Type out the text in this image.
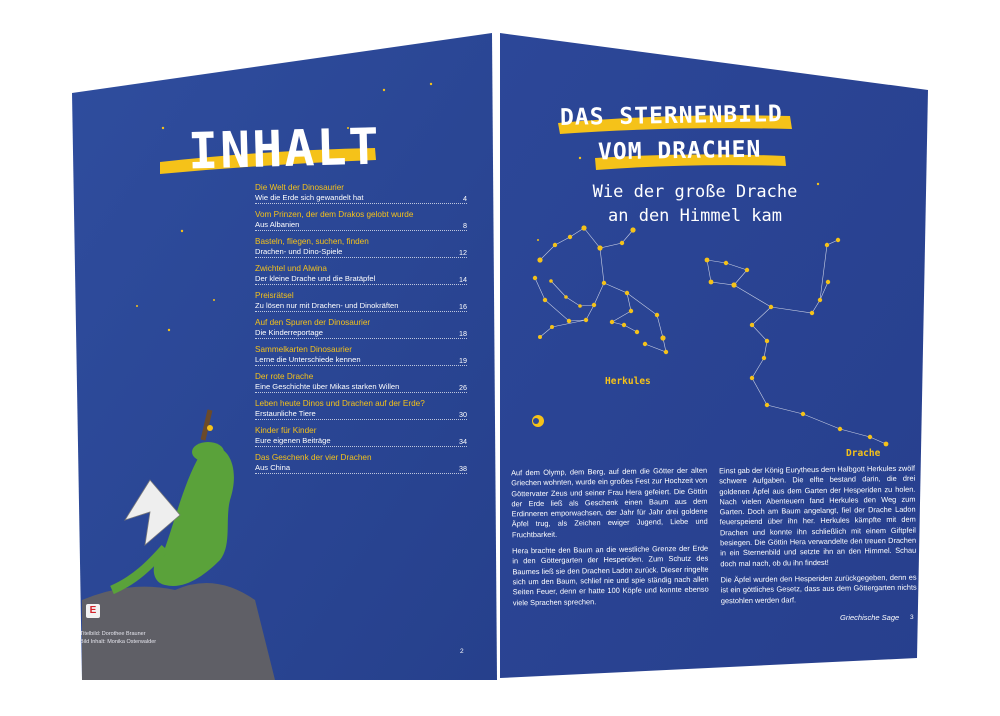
INHALT
Die Welt der Dinosaurier
Wie die Erde sich gewandelt hat	4
Vom Prinzen, der dem Drakos gelobt wurde
Aus Albanien	8
Basteln, fliegen, suchen, finden
Drachen- und Dino-Spiele	12
Zwichtel und Alwina
Der kleine Drache und die Bratäpfel	14
Preisrätsel
Zu lösen nur mit Drachen- und Dinokräften	16
Auf den Spuren der Dinosaurier
Die Kinderreportage	18
Sammelkarten Dinosaurier
Lerne die Unterschiede kennen	19
Der rote Drache
Eine Geschichte über Mikas starken Willen	26
Leben heute Dinos und Drachen auf der Erde?
Erstaunliche Tiere	30
Kinder für Kinder
Eure eigenen Beiträge	34
Das Geschenk der vier Drachen
Aus China	38
E
Titelbild: Dorothee Brauner
Bild Inhalt: Monika Osterwalder
2
DAS STERNENBILD
VOM DRACHEN
Wie der große Drache
an den Himmel kam
Herkules
Drache

Auf dem Olymp, dem Berg, auf dem die Götter der alten Griechen wohnten, wurde ein großes Fest zur Hochzeit von Göttervater Zeus und seiner Frau Hera gefeiert. Die Göttin der Erde ließ als Geschenk einen Baum aus dem Erdinneren emporwachsen, der Jahr für Jahr drei goldene Äpfel trug, als Zeichen ewiger Jugend, Liebe und Fruchtbarkeit.

Hera brachte den Baum an die westliche Grenze der Erde in den Göttergarten der Hesperiden. Zum Schutz des Baumes ließ sie den Drachen Ladon zurück. Dieser ringelte sich um den Baum, schlief nie und spie ständig nach allen Seiten Feuer, denn er hatte 100 Köpfe und konnte ebenso viele Sprachen sprechen.

Einst gab der König Eurytheus dem Halbgott Herkules zwölf schwere Aufgaben. Die elfte bestand darin, die drei goldenen Äpfel aus dem Garten der Hesperiden zu holen. Nach vielen Abenteuern fand Herkules den Weg zum Garten. Doch am Baum angelangt, fiel der Drache Ladon feuerspeiend über ihn her. Herkules kämpfte mit dem Drachen und konnte ihn schließlich mit einem Giftpfeil besiegen. Die Göttin Hera verwandelte den treuen Drachen in ein Sternenbild und setzte ihn an den Himmel. Schau doch mal nach, ob du ihn findest!

Die Äpfel wurden den Hesperiden zurückgegeben, denn es ist ein göttliches Gesetz, dass aus dem Göttergarten nichts gestohlen werden darf.

Griechische Sage 3
